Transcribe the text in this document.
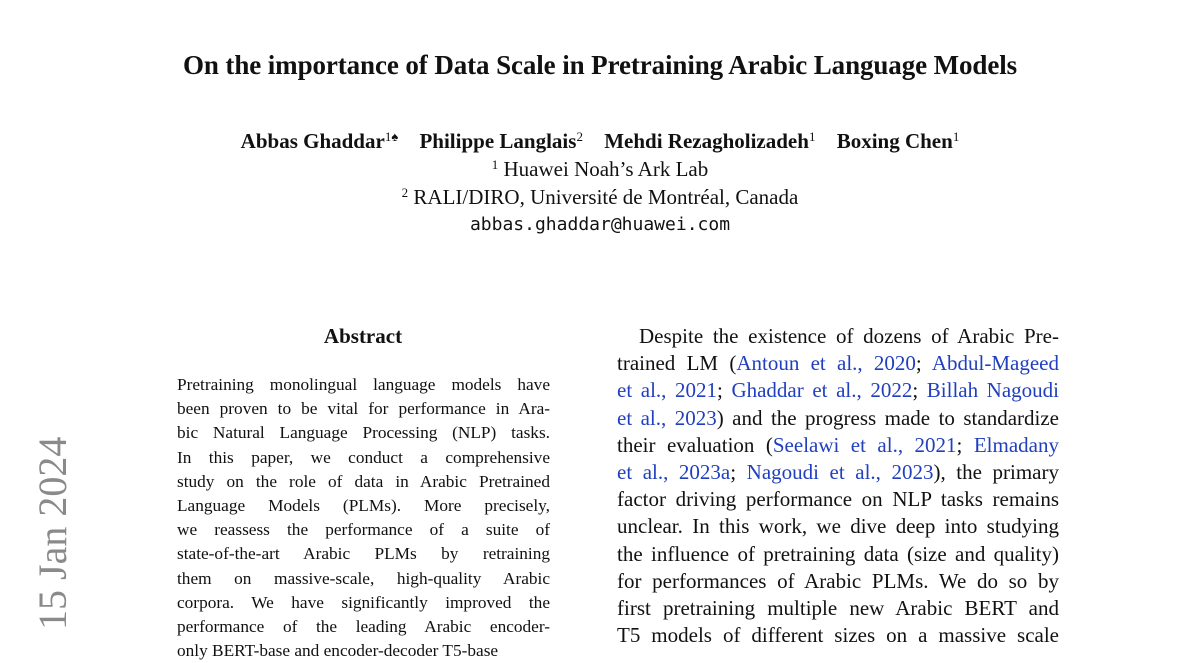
On the importance of Data Scale in Pretraining Arabic Language Models
Abbas Ghaddar$^{1♠}$ Philippe Langlais$^2$ Mehdi Rezagholizadeh$^1$ Boxing Chen$^1$
$^1$ Huawei Noah’s Ark Lab
$^2$ RALI/DIRO, Université de Montréal, Canada
abbas.ghaddar@huawei.com
15 Jan 2024
Abstract
Pretraining monolingual language models have
been proven to be vital for performance in Ara-
bic Natural Language Processing (NLP) tasks.
In this paper, we conduct a comprehensive
study on the role of data in Arabic Pretrained
Language Models (PLMs). More precisely,
we reassess the performance of a suite of
state-of-the-art Arabic PLMs by retraining
them on massive-scale, high-quality Arabic
corpora. We have significantly improved the
performance of the leading Arabic encoder-
only BERT-base and encoder-decoder T5-base
Despite the existence of dozens of Arabic Pre-
trained LM (Antoun et al., 2020; Abdul-Mageed
et al., 2021; Ghaddar et al., 2022; Billah Nagoudi
et al., 2023) and the progress made to standardize
their evaluation (Seelawi et al., 2021; Elmadany
et al., 2023a; Nagoudi et al., 2023), the primary
factor driving performance on NLP tasks remains
unclear. In this work, we dive deep into studying
the influence of pretraining data (size and quality)
for performances of Arabic PLMs. We do so by
first pretraining multiple new Arabic BERT and
T5 models of different sizes on a massive scale
